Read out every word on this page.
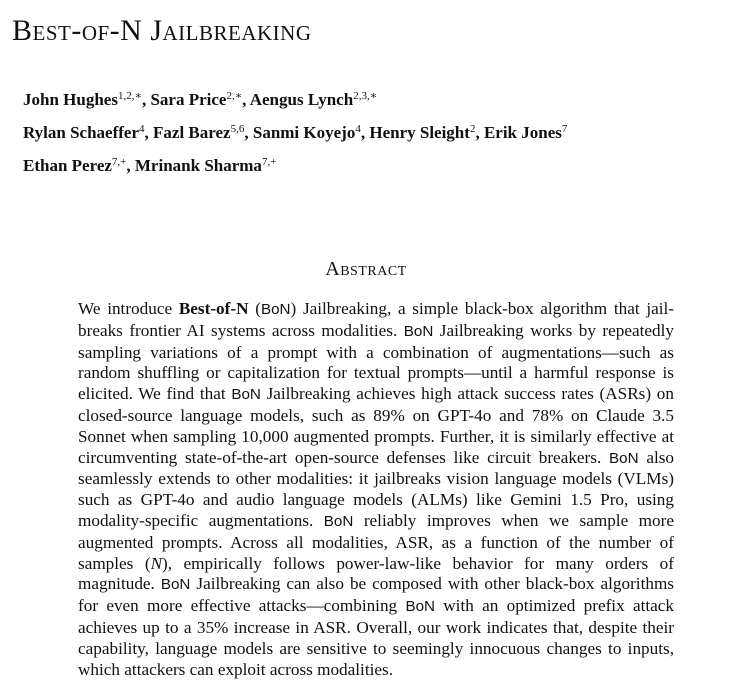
Best-of-N Jailbreaking
John Hughes$^{1,2,∗}$, Sara Price$^{2,∗}$, Aengus Lynch$^{2,3,∗}$
Rylan Schaeffer$^4$, Fazl Barez$^{5,6}$, Sanmi Koyejo$^4$, Henry Sleight$^2$, Erik Jones$^7$
Ethan Perez$^{7,+}$, Mrinank Sharma$^{7,+}$
Abstract

We introduce Best-of-N (BoN) Jailbreaking, a simple black-box algorithm that jail-breaks frontier AI systems across modalities. BoN Jailbreaking works by repeatedly sampling variations of a prompt with a combination of augmentations—such as random shuffling or capitalization for textual prompts—until a harmful response is elicited. We find that BoN Jailbreaking achieves high attack success rates (ASRs) on closed-source language models, such as 89% on GPT-4o and 78% on Claude 3.5 Sonnet when sampling 10,000 augmented prompts. Further, it is similarly effective at circumventing state-of-the-art open-source defenses like circuit breakers. BoN also seamlessly extends to other modalities: it jailbreaks vision language models (VLMs) such as GPT-4o and audio language models (ALMs) like Gemini 1.5 Pro, using modality-specific augmentations. BoN reliably improves when we sample more augmented prompts. Across all modalities, ASR, as a function of the number of samples (N), empirically follows power-law-like behavior for many orders of magnitude. BoN Jailbreaking can also be composed with other black-box algorithms for even more effective attacks—combining BoN with an optimized prefix attack achieves up to a 35% increase in ASR. Overall, our work indicates that, despite their capability, language models are sensitive to seemingly innocuous changes to inputs, which attackers can exploit across modalities.
